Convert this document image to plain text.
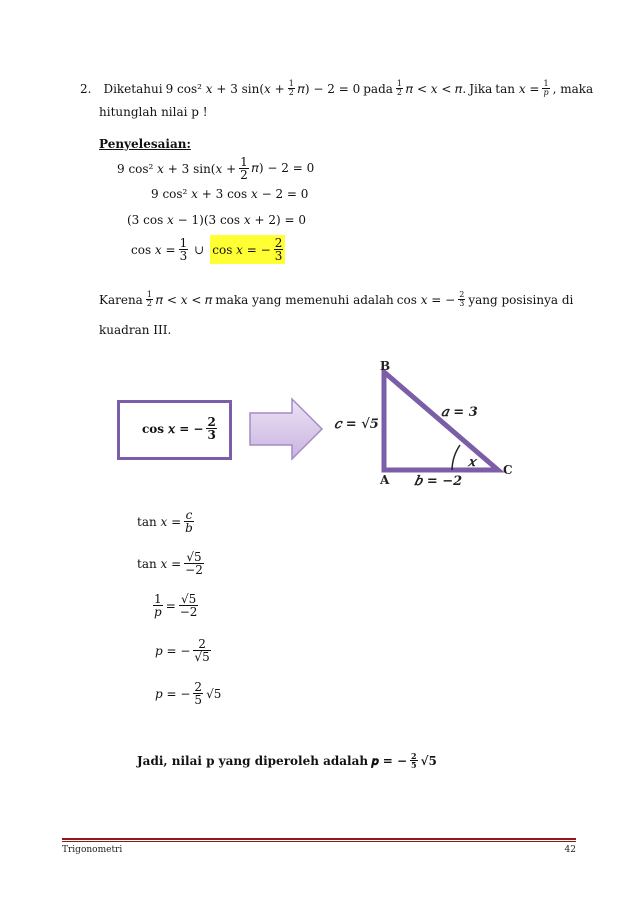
2. Diketahui 9 cos² 𝑥 + 3 sin(𝑥 + $\frac{1}{2}$ 𝜋) − 2 = 0 pada $\frac{1}{2}$ 𝜋 < 𝑥 < 𝜋. Jika tan 𝑥 = $\frac{1}{\text{𝑝}}$ , maka
hitunglah nilai p !
Penyelesaian:
9 cos² 𝑥 + 3 sin(𝑥 + $\frac{1}{2}$ 𝜋) − 2 = 0
9 cos² 𝑥 + 3 cos 𝑥 − 2 = 0
(3 cos 𝑥 − 1)(3 cos 𝑥 + 2) = 0
cos 𝑥 = $\frac{1}{3}$ ∪ cos 𝑥 = − $\frac{2}{3}$
Karena $\frac{1}{2}$ 𝜋 < 𝑥 < 𝜋 maka yang memenuhi adalah cos 𝑥 = − $\frac{2}{3}$ yang posisinya di
kuadran III.
cos 𝑥 = − $\frac{2}{3}$
B
A
C
𝑐 = √5
𝑎 = 3
𝑏 = −2
𝑥
tan 𝑥 = $\frac{\text{𝑐}}{\text{𝑏}}$
tan 𝑥 = $\frac{√5}{-2}$
$\frac{1}{\text{𝑝}} = \frac{√5}{-2}$
𝑝 = − $\frac{2}{√5}$
𝑝 = − $\frac{2}{5} √5$
Jadi, nilai p yang diperoleh adalah 𝒑 = − $\frac{2}{5}$ √𝟓
Trigonometri	42
